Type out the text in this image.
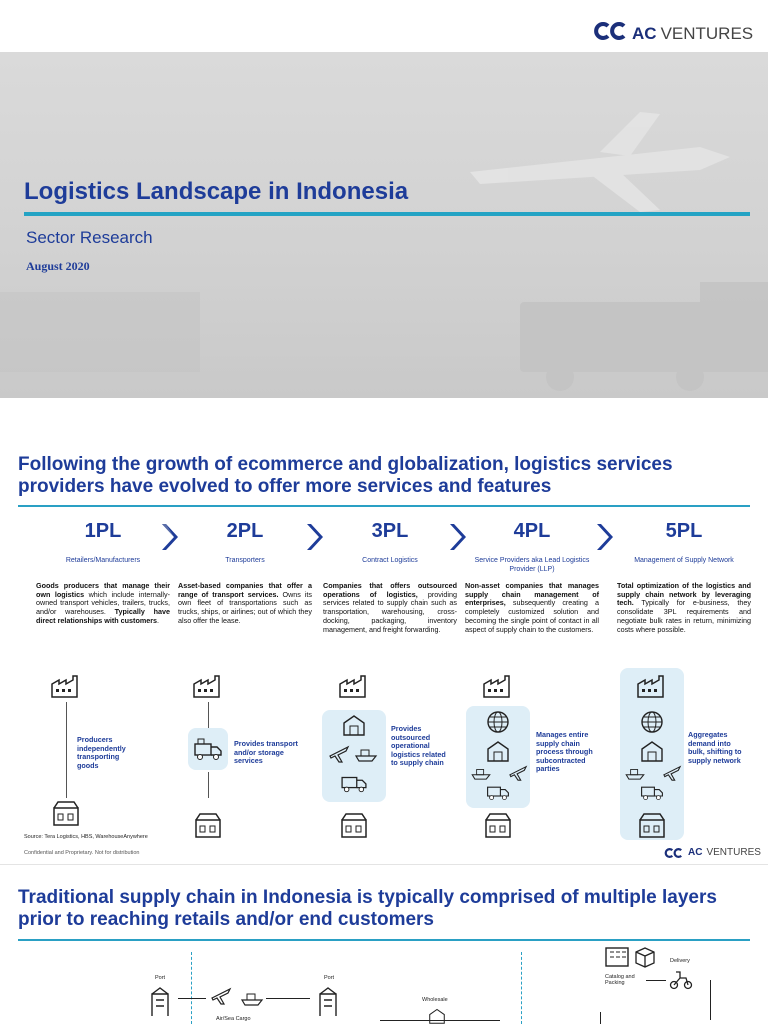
AC VENTURES
Logistics Landscape in Indonesia
Sector Research
August 2020
Following the growth of ecommerce and globalization, logistics services providers have evolved to offer more services and features
1PL
Retailers/Manufacturers
Goods producers that manage their own logistics which include internally-owned transport vehicles, trailers, trucks, and/or warehouses. Typically have direct relationships with customers.
2PL
Transporters
Asset-based companies that offer a range of transport services. Owns its own fleet of transportations such as trucks, ships, or airlines; out of which they also offer the lease.
3PL
Contract Logistics
Companies that offers outsourced operations of logistics, providing services related to supply chain such as transportation, warehousing, cross-docking, packaging, inventory management, and freight forwarding.
4PL
Service Providers aka Lead Logistics Provider (LLP)
Non-asset companies that manages supply chain management of enterprises, subsequently creating a completely customized solution and becoming the single point of contact in all aspect of supply chain to the customers.
5PL
Management of Supply Network
Total optimization of the logistics and supply chain network by leveraging tech. Typically for e-business, they consolidate 3PL requirements and negotiate bulk rates in return, minimizing costs where possible.
Producers independently transporting goods
Provides transport and/or storage services
Provides outsourced operational logistics related to supply chain
Manages entire supply chain process through subcontracted parties
Aggregates demand into bulk, shifting to supply network
Source: Tera Logistics, HBS, WarehouseAnywhere
Confidential and Proprietary. Not for distribution	AC VENTURES
Traditional supply chain in Indonesia is typically comprised of multiple layers prior to reaching retails and/or end customers
Port
Air/Sea Cargo
Port
Wholesale
Catalog and Packing
Delivery
